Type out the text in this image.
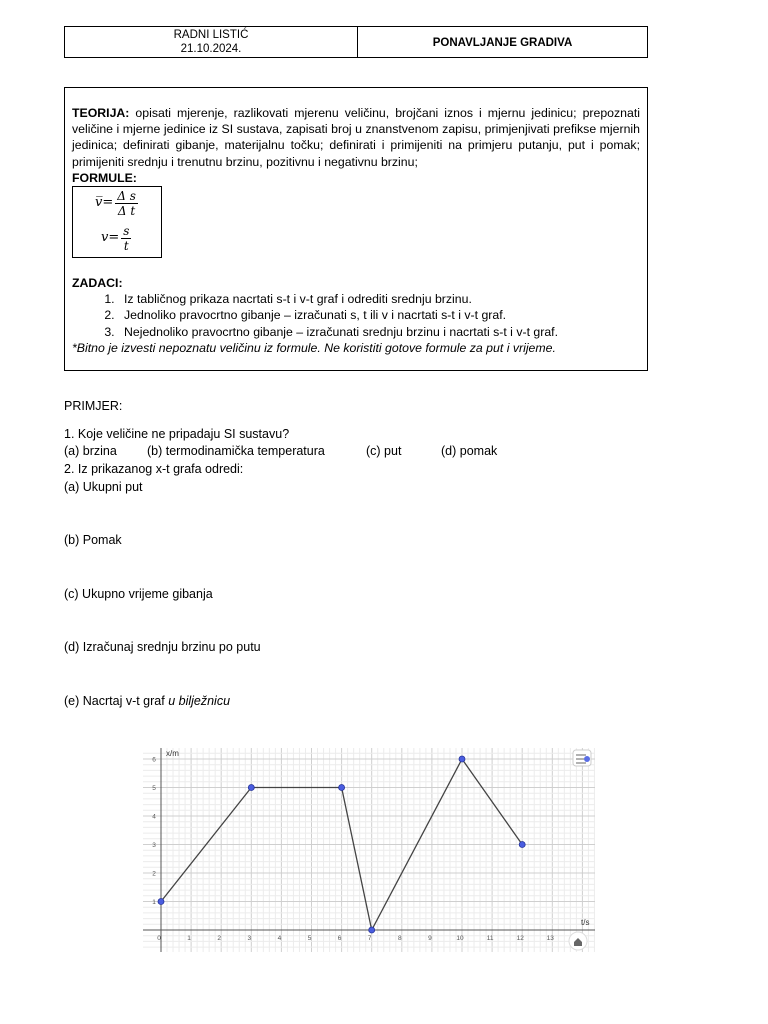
RADNI LISTIĆ
21.10.2024.	PONAVLJANJE GRADIVA

TEORIJA: opisati mjerenje, razlikovati mjerenu veličinu, brojčani iznos i mjernu jedinicu; prepoznati veličine i mjerne jedinice iz SI sustava, zapisati broj u znanstvenom zapisu, primjenjivati prefikse mjernih jedinica; definirati gibanje, materijalnu točku; definirati i primijeniti na primjeru putanju, put i pomak; primijeniti srednju i trenutnu brzinu, pozitivnu i negativnu brzinu;

FORMULE:
v̅= $\frac{\text{Δ s}}{\text{Δ t}}$
$v= \frac{s}{t}$
ZADACI:
1. Iz tabličnog prikaza nacrtati s-t i v-t graf i odrediti srednju brzinu.
2. Jednoliko pravocrtno gibanje – izračunati s, t ili v i nacrtati s-t i v-t graf.
3. Nejednoliko pravocrtno gibanje – izračunati srednju brzinu i nacrtati s-t i v-t graf.
*Bitno je izvesti nepoznatu veličinu iz formule. Ne koristiti gotove formule za put i vrijeme.
PRIMJER:
1. Koje veličine ne pripadaju SI sustavu?
(a) brzina (b) termodinamička temperatura	(c) put	(d) pomak
2. Iz prikazanog x-t grafa odredi:
(a) Ukupni put
(b) Pomak
(c) Ukupno vrijeme gibanja
(d) Izračunaj srednju brzinu po putu
(e) Nacrtaj v-t graf u bilježnicu
t/s
x/m
0	1	2	3	4	5	6	7	8	9	10	11	12	13
1
2
3
4
5
6
